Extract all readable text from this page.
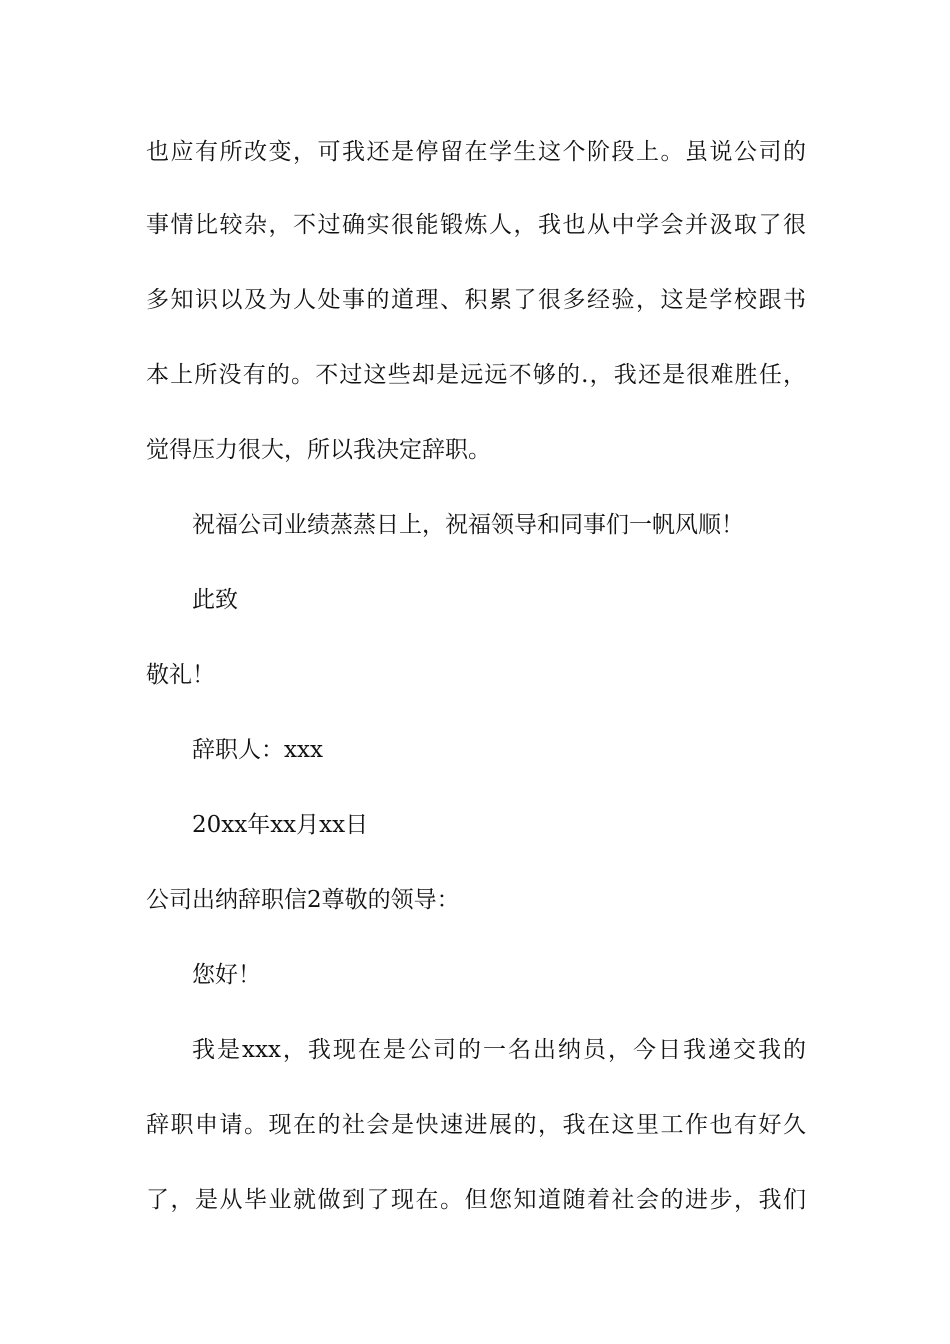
也应有所改变，可我还是停留在学生这个阶段上。虽说公司的
事情比较杂，不过确实很能锻炼人，我也从中学会并汲取了很
多知识以及为人处事的道理、积累了很多经验，这是学校跟书
本上所没有的。不过这些却是远远不够的.，我还是很难胜任，
觉得压力很大，所以我决定辞职。
祝福公司业绩蒸蒸日上，祝福领导和同事们一帆风顺！
此致
敬礼！
辞职人：xxx
20xx年xx月xx日
公司出纳辞职信2尊敬的领导：
您好！
我是xxx，我现在是公司的一名出纳员，今日我递交我的
辞职申请。现在的社会是快速进展的，我在这里工作也有好久
了，是从毕业就做到了现在。但您知道随着社会的进步，我们
